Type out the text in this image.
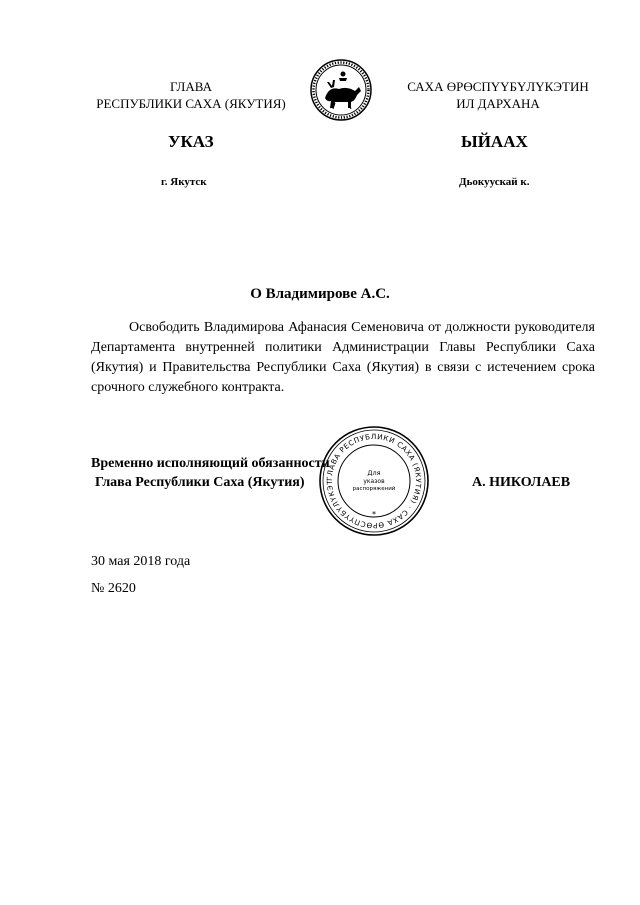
ГЛАВА
РЕСПУБЛИКИ САХА (ЯКУТИЯ)
САХА ӨРӨСПҮҮБҮЛҮКЭТИН
ИЛ ДАРХАНА
УКАЗ	ЫЙААХ
г. Якутск	Дьокуускай к.
О Владимирове А.С.
Освободить Владимирова Афанасия Семеновича от должности руководителя Департамента внутренней политики Администрации Главы Республики Саха (Якутия) и Правительства Республики Саха (Якутия) в связи с истечением срока срочного служебного контракта.
Временно исполняющий обязанности
Глава Республики Саха (Якутия)	А. НИКОЛАЕВ
ГЛАВА РЕСПУБЛИКИ САХА (ЯКУТИЯ) · САХА ӨРӨСПҮҮБҮЛҮКЭТ
Для
указов
распоряжений
*
30 мая 2018 года
№ 2620
